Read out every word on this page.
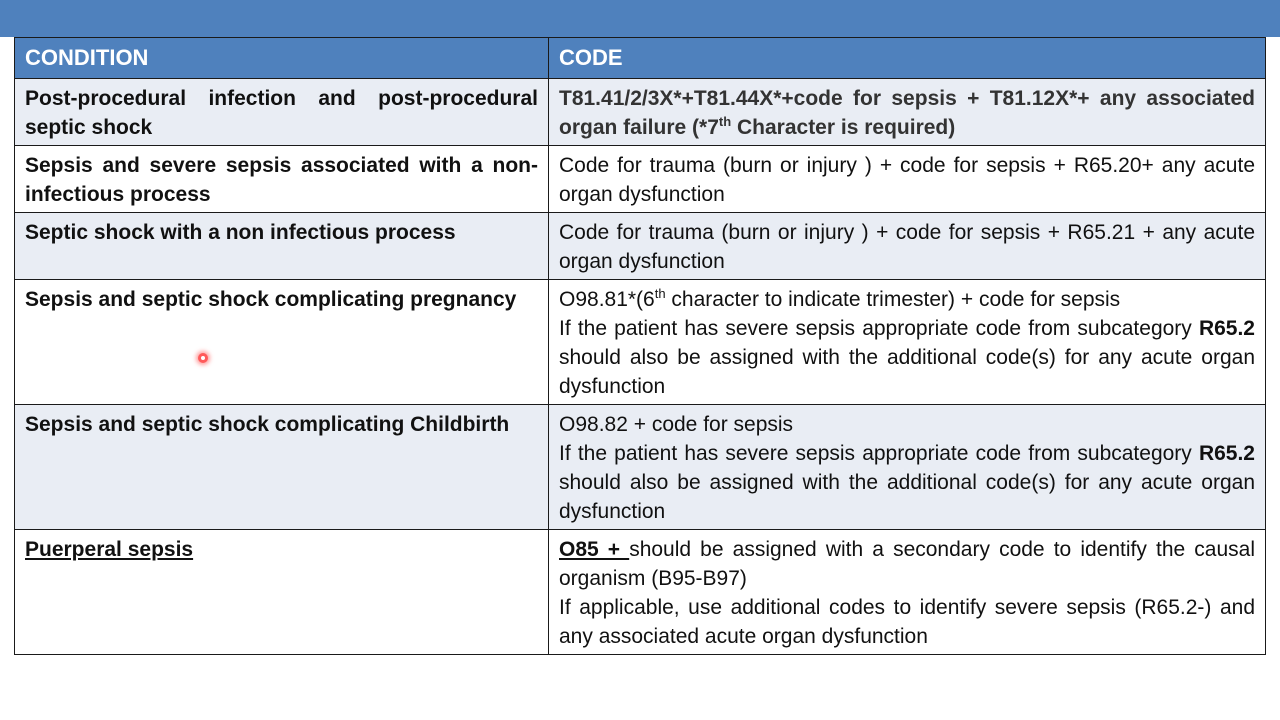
CONDITION	CODE
Post-procedural infection and post-procedural septic shock	T81.41/2/3X*+T81.44X*+code for sepsis + T81.12X*+ any associated organ failure (*7th Character is required)
Sepsis and severe sepsis associated with a non-infectious process	Code for trauma (burn or injury ) + code for sepsis + R65.20+ any acute organ dysfunction
Septic shock with a non infectious process	Code for trauma (burn or injury ) + code for sepsis + R65.21 + any acute organ dysfunction
Sepsis and septic shock complicating pregnancy	O98.81*(6th character to indicate trimester) + code for sepsis
If the patient has severe sepsis appropriate code from subcategory R65.2 should also be assigned with the additional code(s) for any acute organ dysfunction

Sepsis and septic shock complicating Childbirth	O98.82 + code for sepsis
If the patient has severe sepsis appropriate code from subcategory R65.2 should also be assigned with the additional code(s) for any acute organ dysfunction

Puerperal sepsis	O85 + should be assigned with a secondary code to identify the causal organism (B95-B97)
If applicable, use additional codes to identify severe sepsis (R65.2-) and any associated acute organ dysfunction
